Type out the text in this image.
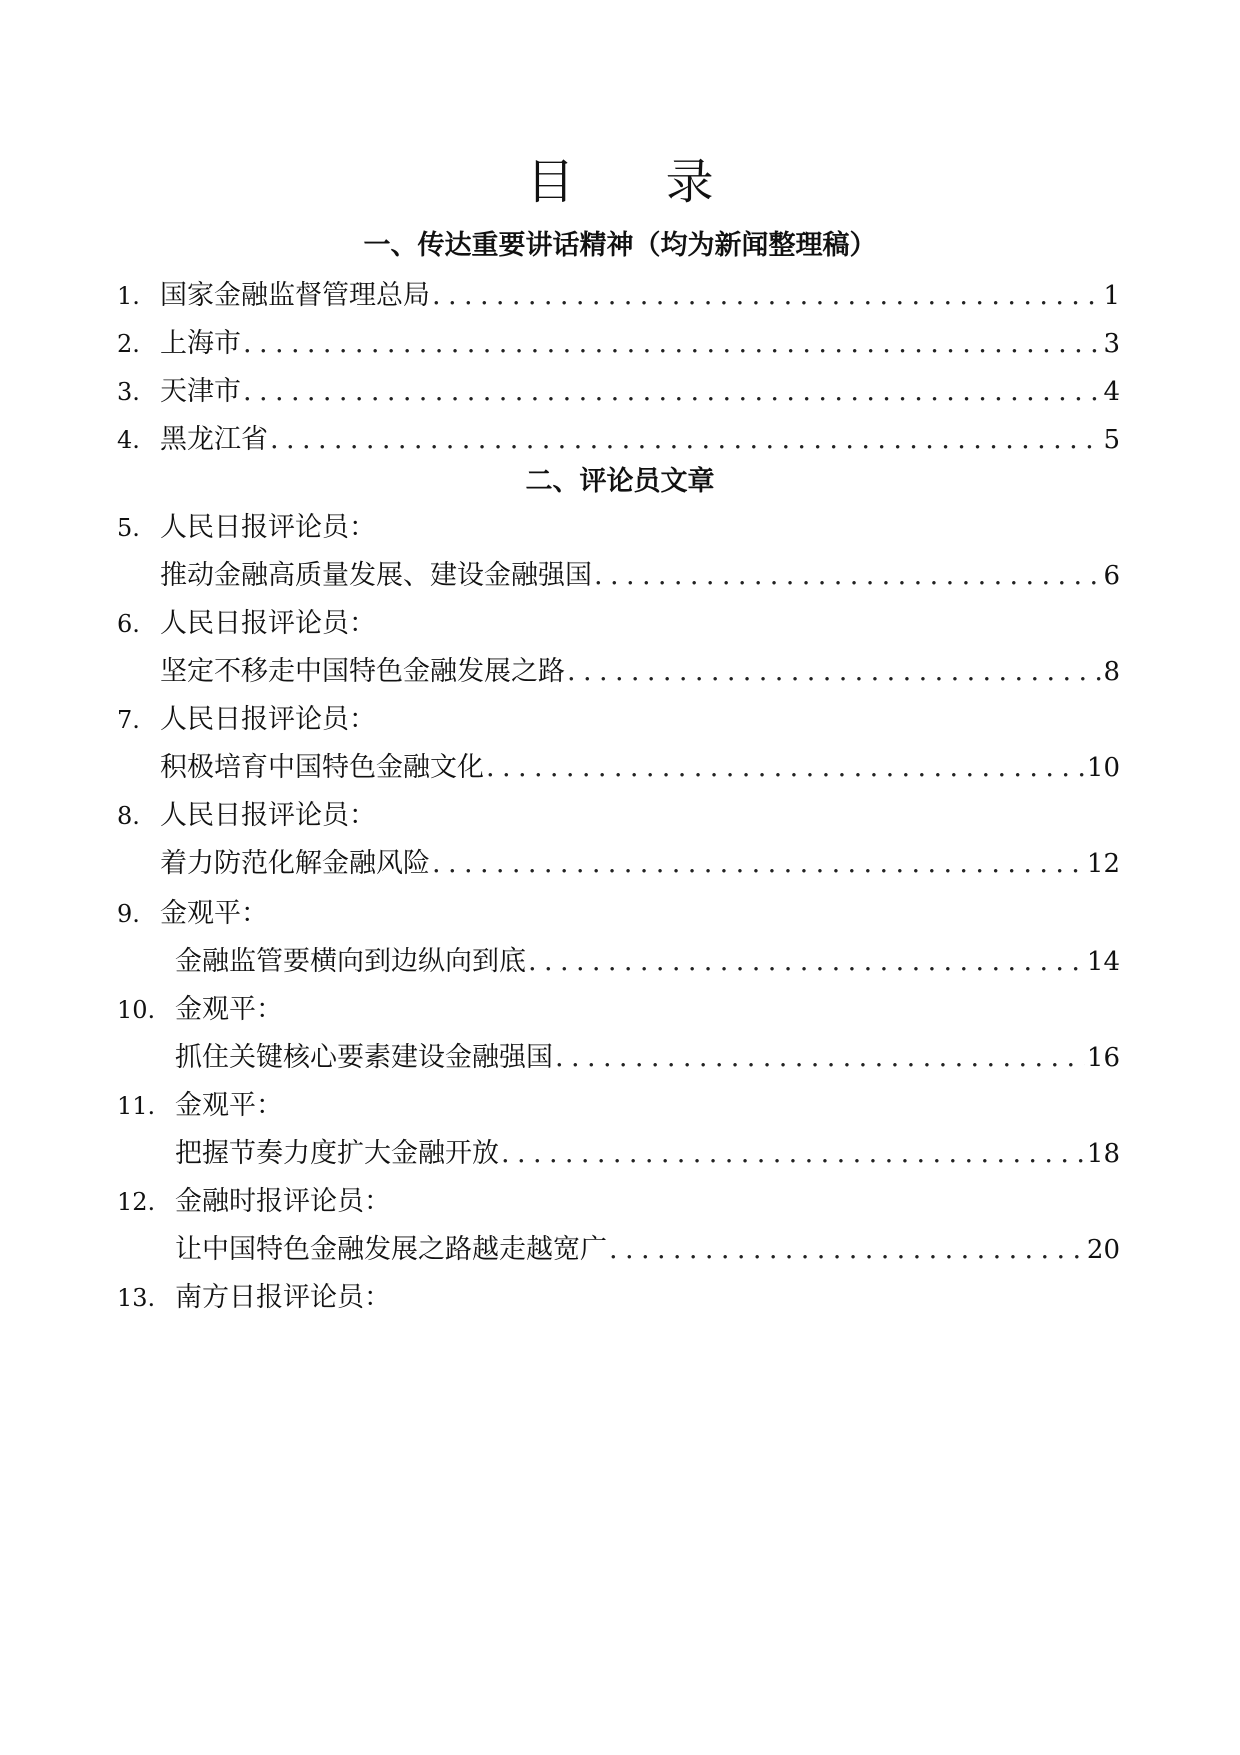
目 录
一、传达重要讲话精神（均为新闻整理稿）
1. 国家金融监督管理总局 .....	1
2. 上海市 .....	3
3. 天津市 .....	4
4. 黑龙江省 .....	5
二、评论员文章
5. 人民日报评论员：
推动金融高质量发展、建设金融强国 .....	6
6. 人民日报评论员：
坚定不移走中国特色金融发展之路 .....	8
7. 人民日报评论员：
积极培育中国特色金融文化 .....	10
8. 人民日报评论员：
着力防范化解金融风险 .....	12
9. 金观平：
金融监管要横向到边纵向到底 .....	14
10. 金观平：
抓住关键核心要素建设金融强国 .....	16
11. 金观平：
把握节奏力度扩大金融开放 .....	18
12. 金融时报评论员：
让中国特色金融发展之路越走越宽广 .....	20
13. 南方日报评论员：
